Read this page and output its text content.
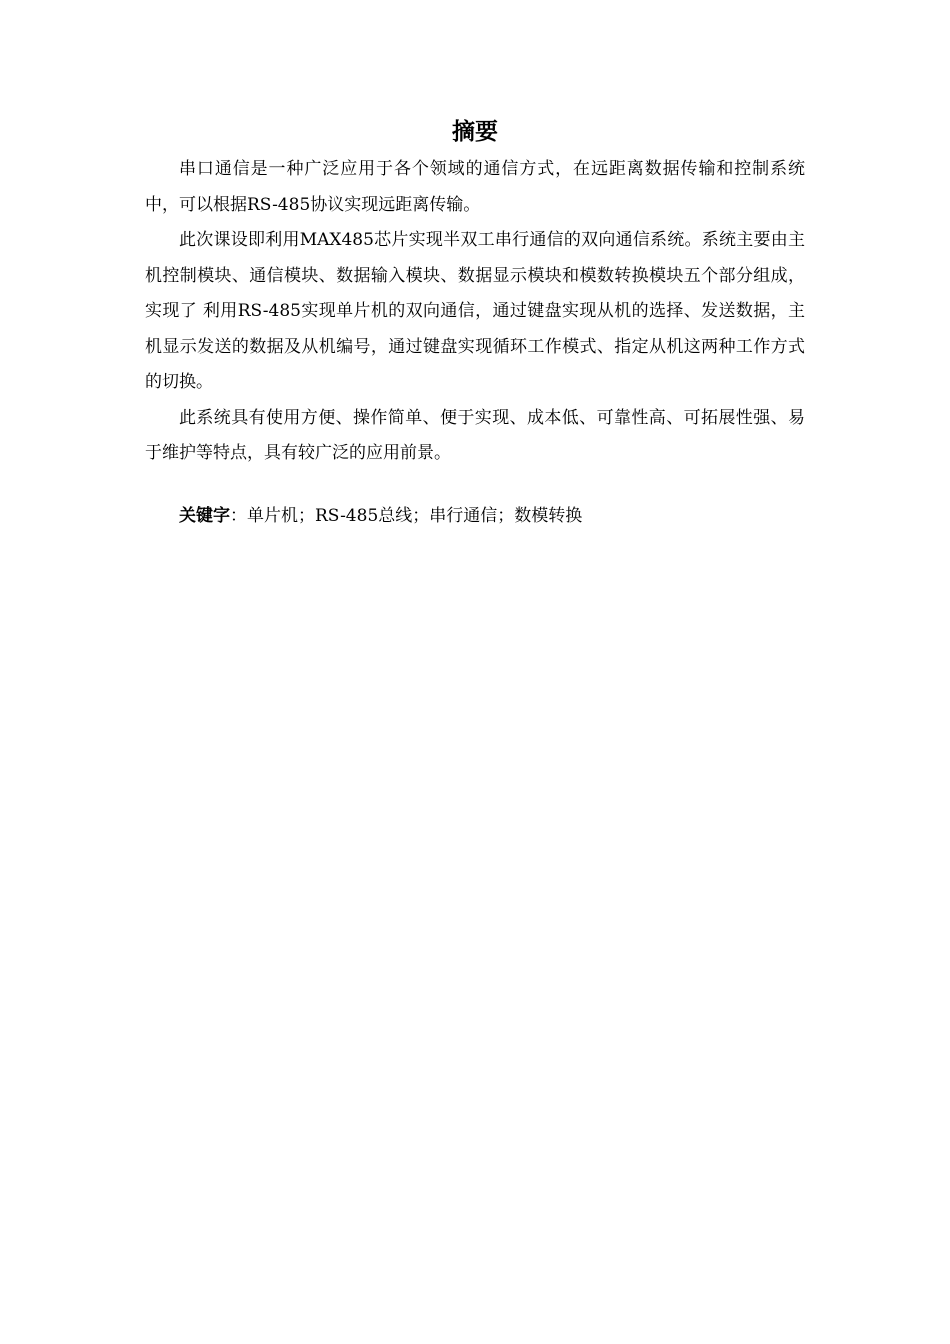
摘要

串口通信是一种广泛应用于各个领域的通信方式，在远距离数据传输和控制系统中，可以根据RS-485协议实现远距离传输。

此次课设即利用MAX485芯片实现半双工串行通信的双向通信系统。系统主要由主机控制模块、通信模块、数据输入模块、数据显示模块和模数转换模块五个部分组成，实现了 利用RS-485实现单片机的双向通信，通过键盘实现从机的选择、发送数据，主机显示发送的数据及从机编号，通过键盘实现循环工作模式、指定从机这两种工作方式的切换。

此系统具有使用方便、操作简单、便于实现、成本低、可靠性高、可拓展性强、易于维护等特点，具有较广泛的应用前景。

关键字：单片机；RS-485总线；串行通信；数模转换
